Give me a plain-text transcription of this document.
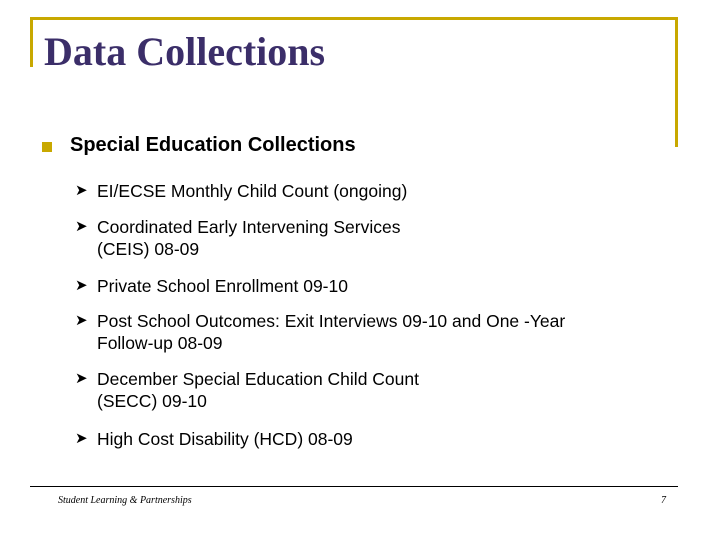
Data Collections
Special Education Collections
➤ EI/ECSE Monthly Child Count (ongoing)
➤ Coordinated Early Intervening Services
(CEIS) 08-09
➤ Private School Enrollment 09-10
➤ Post School Outcomes: Exit Interviews 09-10 and One -Year
Follow-up 08-09
➤ December Special Education Child Count
(SECC) 09-10
➤ High Cost Disability (HCD) 08-09
Student Learning & Partnerships	7
